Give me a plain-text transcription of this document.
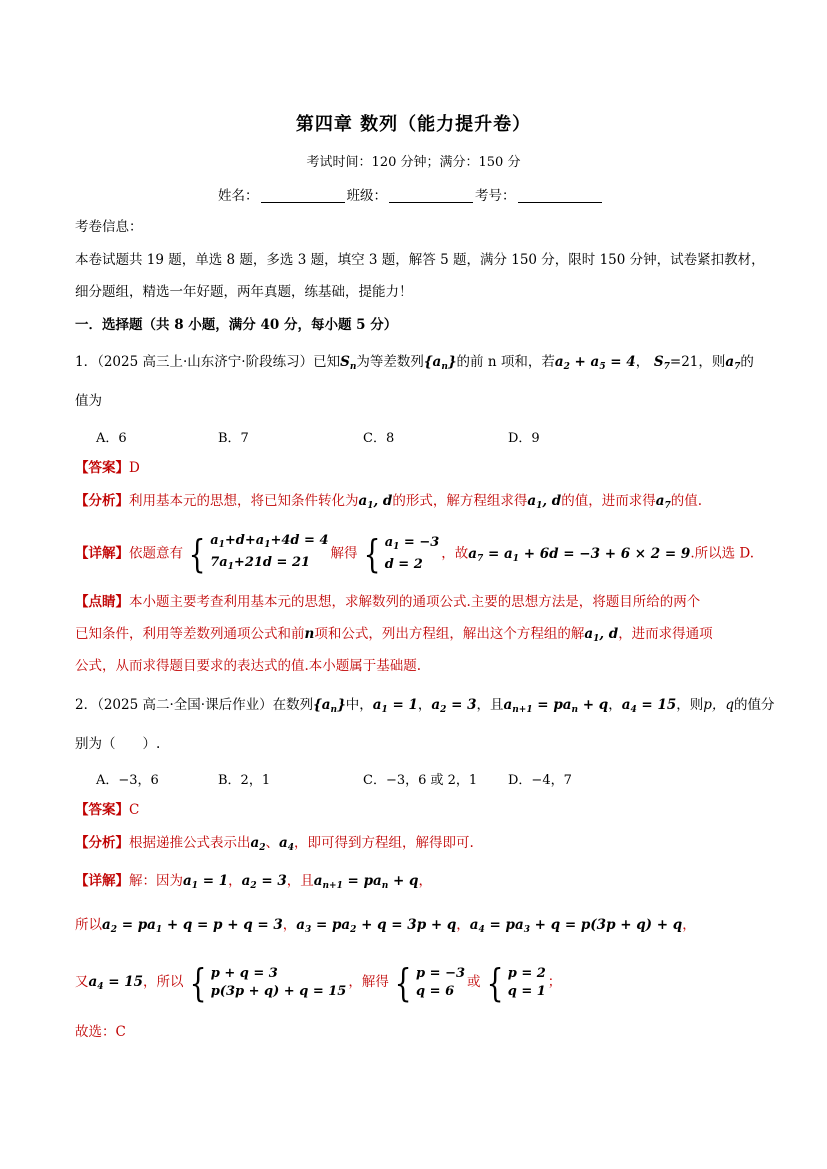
第四章 数列（能力提升卷）
考试时间：120 分钟；满分：150 分
姓名：	班级：	考号：
考卷信息：
本卷试题共 19 题，单选 8 题，多选 3 题，填空 3 题，解答 5 题，满分 150 分，限时 150 分钟，试卷紧扣教材，
细分题组，精选一年好题，两年真题，练基础，提能力！
一．选择题（共 8 小题，满分 40 分，每小题 5 分）
1．（2025 高三上·山东济宁·阶段练习）已知$S_n$为等差数列$\{a_n\}$的前 n 项和，若$a_2 + a_5 = 4$， $S_7=21$，则$a_7$的
值为
A．6	B．7	C．8	D．9
【答案】D
【分析】利用基本元的思想，将已知条件转化为$a_1$, d的形式，解方程组求得$a_1$, d的值，进而求得$a_7$的值.
【详解】依题意有 { $a_1+d+a_1+4d = 4$
$7a_1+21d = 21$
解得 { $a_1 = -3$
d = 2
，故$a_7 = a_1 + 6d = -3 + 6 \times 2 = 9$.所以选 D.
【点睛】本小题主要考查利用基本元的思想，求解数列的通项公式.主要的思想方法是，将题目所给的两个
已知条件，利用等差数列通项公式和前n项和公式，列出方程组，解出这个方程组的解$a_1$, d，进而求得通项
公式，从而求得题目要求的表达式的值.本小题属于基础题.
2．（2025 高二·全国·课后作业）在数列$\{a_n\}$中，$a_1 = 1$，$a_2 = 3$，且$a_{n+1} = pa_n + q$，$a_4 = 15$，则p，q的值分
别为（　　）.
A．−3，6	B．2，1	C．−3，6 或 2，1 D．−4，7
【答案】C
【分析】根据递推公式表示出$a_2$、$a_4$，即可得到方程组，解得即可.
【详解】解：因为$a_1 = 1$，$a_2 = 3$，且$a_{n+1} = pa_n + q$，
所以$a_2 = pa_1 + q = p + q = 3$，$a_3 = pa_2 + q = 3p + q$，$a_4 = pa_3 + q = p(3p + q) + q$，
又$a_4 = 15$，所以 { p + q = 3
p(3p + q) + q = 15
，解得 { p = −3
q = 6
或 { p = 2
q = 1
；
故选：C
